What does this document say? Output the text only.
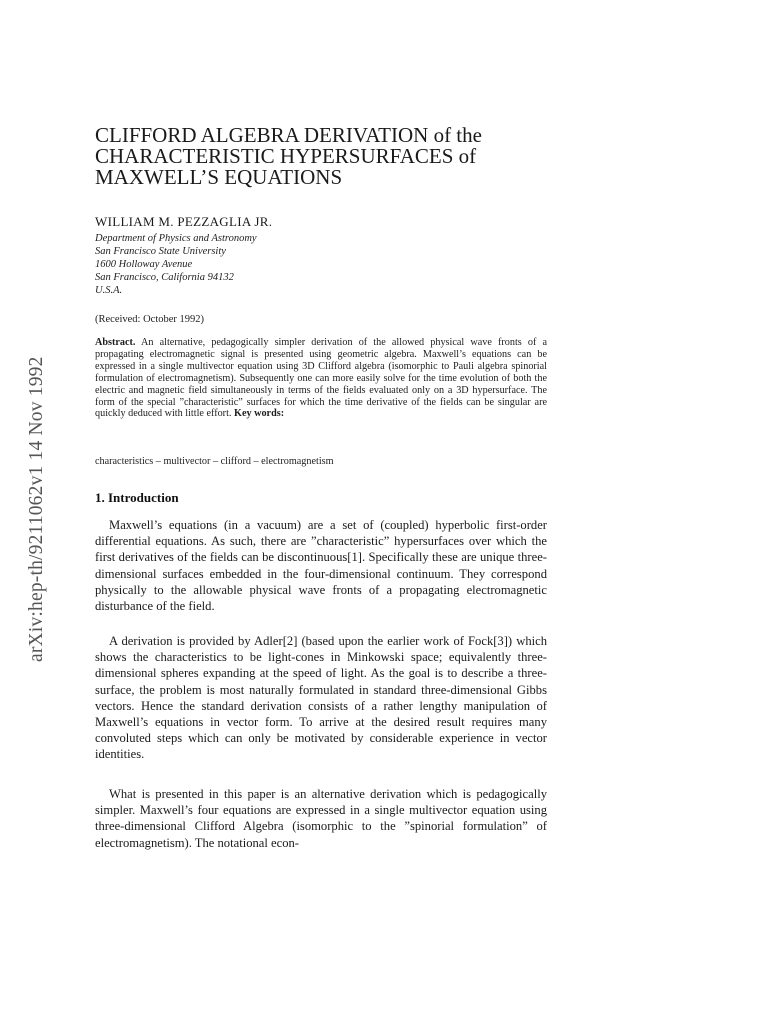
arXiv:hep-th/9211062v1 14 Nov 1992
CLIFFORD ALGEBRA DERIVATION of the
CHARACTERISTIC HYPERSURFACES of
MAXWELL’S EQUATIONS
WILLIAM M. PEZZAGLIA JR.
Department of Physics and Astronomy
San Francisco State University
1600 Holloway Avenue
San Francisco, California 94132
U.S.A.
(Received: October 1992)
Abstract. An alternative, pedagogically simpler derivation of the allowed physical wave fronts of a propagating electromagnetic signal is presented using geometric algebra. Maxwell’s equations can be expressed in a single multivector equation using 3D Clifford algebra (isomorphic to Pauli algebra spinorial formulation of electromagnetism). Subsequently one can more easily solve for the time evolution of both the electric and magnetic field simultaneously in terms of the fields evaluated only on a 3D hypersurface. The form of the special ”characteristic” surfaces for which the time derivative of the fields can be singular are quickly deduced with little effort. Key words:
characteristics – multivector – clifford – electromagnetism
1. Introduction

Maxwell’s equations (in a vacuum) are a set of (coupled) hyperbolic first-order differential equations. As such, there are ”characteristic” hypersurfaces over which the first derivatives of the fields can be discontinuous[1]. Specifically these are unique three-dimensional surfaces embedded in the four-dimensional continuum. They correspond physically to the allowable physical wave fronts of a propagating electromagnetic disturbance of the field.

A derivation is provided by Adler[2] (based upon the earlier work of Fock[3]) which shows the characteristics to be light-cones in Minkowski space; equivalently three-dimensional spheres expanding at the speed of light. As the goal is to describe a three-surface, the problem is most naturally formulated in standard three-dimensional Gibbs vectors. Hence the standard derivation consists of a rather lengthy manipulation of Maxwell’s equations in vector form. To arrive at the desired result requires many convoluted steps which can only be motivated by considerable experience in vector identities.

What is presented in this paper is an alternative derivation which is pedagogically simpler. Maxwell’s four equations are expressed in a single multivector equation using three-dimensional Clifford Algebra (isomorphic to the ”spinorial formulation” of electromagnetism). The notational econ-
